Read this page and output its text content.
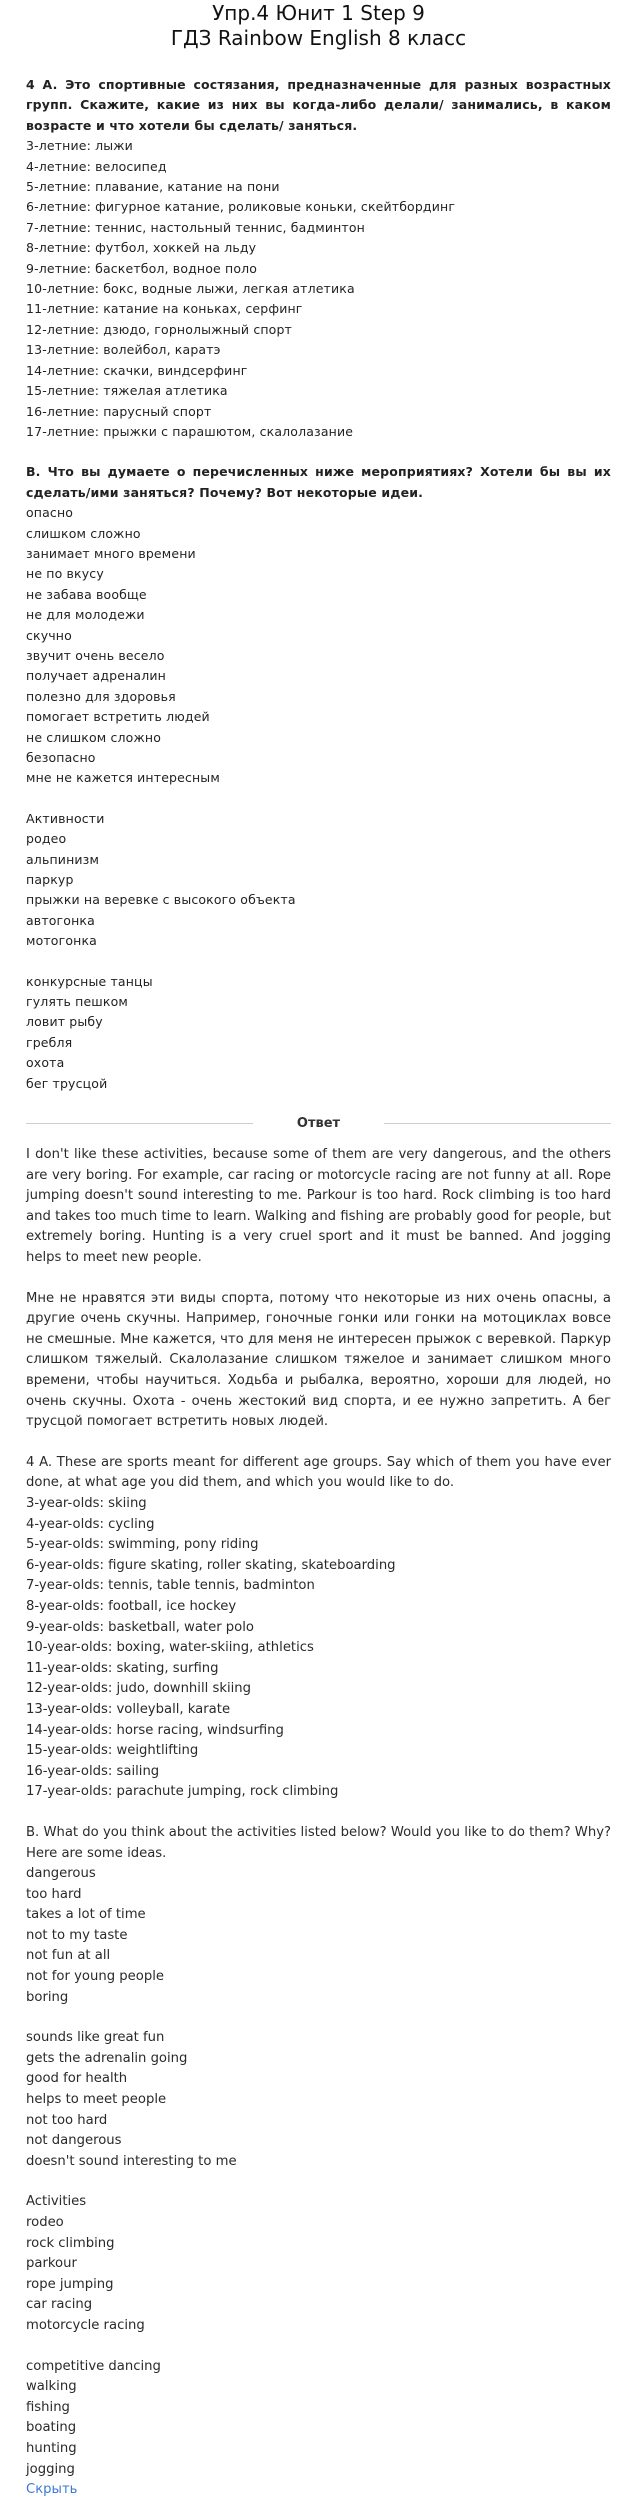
Упр.4 Юнит 1 Step 9
ГДЗ Rainbow English 8 класс

4 A. Это спортивные состязания, предназначенные для разных возрастных групп. Скажите, какие из них вы когда-либо делали/ занимались, в каком возрасте и что хотели бы сделать/ заняться.

3-летние: лыжи
4-летние: велосипед
5-летние: плавание, катание на пони
6-летние: фигурное катание, роликовые коньки, скейтбординг
7-летние: теннис, настольный теннис, бадминтон
8-летние: футбол, хоккей на льду
9-летние: баскетбол, водное поло
10-летние: бокс, водные лыжи, легкая атлетика
11-летние: катание на коньках, серфинг
12-летние: дзюдо, горнолыжный спорт
13-летние: волейбол, каратэ
14-летние: скачки, виндсерфинг
15-летние: тяжелая атлетика
16-летние: парусный спорт
17-летние: прыжки с парашютом, скалолазание

B. Что вы думаете о перечисленных ниже мероприятиях? Хотели бы вы их сделать/ими заняться? Почему? Вот некоторые идеи.

опасно
слишком сложно
занимает много времени
не по вкусу
не забава вообще
не для молодежи
скучно
звучит очень весело
получает адреналин
полезно для здоровья
помогает встретить людей
не слишком сложно
безопасно
мне не кажется интересным
Активности
родео
альпинизм
паркур
прыжки на веревке с высокого объекта
автогонка
мотогонка
конкурсные танцы
гулять пешком
ловит рыбу
гребля
охота
бег трусцой
Ответ

I don't like these activities, because some of them are very dangerous, and the others are very boring. For example, car racing or motorcycle racing are not funny at all. Rope jumping doesn't sound interesting to me. Parkour is too hard. Rock climbing is too hard and takes too much time to learn. Walking and fishing are probably good for people, but extremely boring. Hunting is a very cruel sport and it must be banned. And jogging helps to meet new people.

Мне не нравятся эти виды спорта, потому что некоторые из них очень опасны, а другие очень скучны. Например, гоночные гонки или гонки на мотоциклах вовсе не смешные. Мне кажется, что для меня не интересен прыжок с веревкой. Паркур слишком тяжелый. Скалолазание слишком тяжелое и занимает слишком много времени, чтобы научиться. Ходьба и рыбалка, вероятно, хороши для людей, но очень скучны. Охота - очень жестокий вид спорта, и ее нужно запретить. А бег трусцой помогает встретить новых людей.

4 A. These are sports meant for different age groups. Say which of them you have ever done, at what age you did them, and which you would like to do.

3-year-olds: skiing
4-year-olds: cycling
5-year-olds: swimming, pony riding
6-year-olds: figure skating, roller skating, skateboarding
7-year-olds: tennis, table tennis, badminton
8-year-olds: football, ice hockey
9-year-olds: basketball, water polo
10-year-olds: boxing, water-skiing, athletics
11-year-olds: skating, surfing
12-year-olds: judo, downhill skiing
13-year-olds: volleyball, karate
14-year-olds: horse racing, windsurfing
15-year-olds: weightlifting
16-year-olds: sailing
17-year-olds: parachute jumping, rock climbing

B. What do you think about the activities listed below? Would you like to do them? Why? Here are some ideas.

dangerous
too hard
takes a lot of time
not to my taste
not fun at all
not for young people
boring
sounds like great fun
gets the adrenalin going
good for health
helps to meet people
not too hard
not dangerous
doesn't sound interesting to me
Activities
rodeo
rock climbing
parkour
rope jumping
car racing
motorcycle racing
competitive dancing
walking
fishing
boating
hunting
jogging
Скрыть
